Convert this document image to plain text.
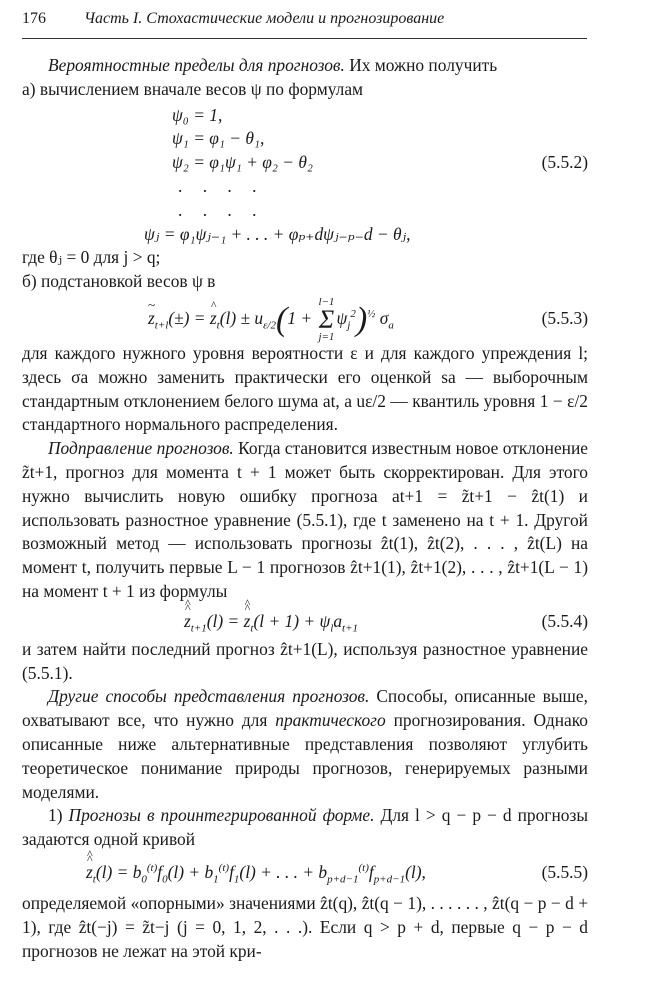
176 Часть I. Стохастические модели и прогнозирование

Вероятностные пределы для прогнозов. Их можно получить

а) вычислением вначале весов ψ по формулам

ψ₀ = 1,
ψ₁ = φ₁ − θ₁,
ψ₂ = φ₁ψ₁ + φ₂ − θ₂	(5.5.2)
. . . .
. . . .
ψⱼ = φ₁ψⱼ₋₁ + . . . + φₚ₊dψⱼ₋ₚ₋d − θⱼ,

где θⱼ = 0 для j > q;

б) подстановкой весов ψ в

~ $z_{t+l}(\pm)$ = ^ $z_t(l) \pm u_{\varepsilon/2}(1 + l-1$
Σ
$j=1\psi_j^2)^{\frac{1}{2}}$ $\sigma_a$	(5.5.3)

для каждого нужного уровня вероятности ε и для каждого упреждения l; здесь σa можно заменить практически его оценкой sa — выборочным стандартным отклонением белого шума at, а uε/2 — квантиль уровня 1 − ε/2 стандартного нормального распределения.

Подправление прогнозов. Когда становится известным новое отклонение z̃t+1, прогноз для момента t + 1 может быть скорректирован. Для этого нужно вычислить новую ошибку прогноза at+1 = z̃t+1 − ẑt(1) и использовать разностное уравнение (5.5.1), где t заменено на t + 1. Другой возможный метод — использовать прогнозы ẑt(1), ẑt(2), . . . , ẑt(L) на момент t, получить первые L − 1 прогнозов ẑt+1(1), ẑt+1(2), . . . , ẑt+1(L − 1) на момент t + 1 из формулы

^ z $\^{}_{t+1}(l)$ = ^ z $\^{}_t(l + 1) + \psi_la_{t+1}$	(5.5.4)

и затем найти последний прогноз ẑt+1(L), используя разностное уравнение (5.5.1).

Другие способы представления прогнозов. Способы, описанные выше, охватывают все, что нужно для практического прогнозирования. Однако описанные ниже альтернативные представления позволяют углубить теоретическое понимание природы прогнозов, генерируемых разными моделями.

1) Прогнозы в проинтегрированной форме. Для l > q − p − d прогнозы задаются одной кривой

^ z $\^{}_t(l) = b_0^{(t)}f_0(l) + b_1^{(t)}f_1(l)$ + . . . + $b_{p+d-1}^{(t)}f_{p+d-1}(l)$,	(5.5.5)

определяемой «опорными» значениями ẑt(q), ẑt(q − 1), . . . . . . , ẑt(q − p − d + 1), где ẑt(−j) = z̃t−j (j = 0, 1, 2, . . .). Если q > p + d, первые q − p − d прогнозов не лежат на этой кри-
